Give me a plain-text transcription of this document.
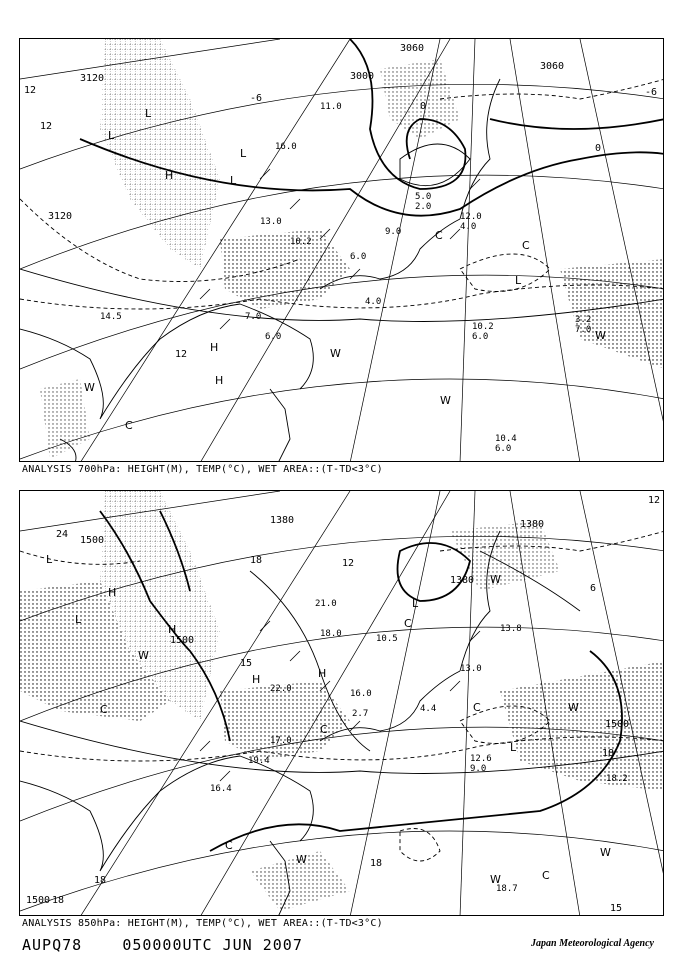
3120
3060
3000
3120
3060
12
12
-6
0
12
0
-6
L
H	L
L
H
H
C
L
C
W
W
C
W
W
L	16.0
11.0
13.0
10.2
6.0
9.0
7.0
6.0
10.4
6.0
3.2
7.0
14.5
12.0
4.0
10.2
6.0
5.0
2.0
4.0
ANALYSIS 700hPa: HEIGHT(M), TEMP(°C), WET AREA::(T-TD<3°C)
1500
1500
1380
1500
1380
1380
1500
24
12
18
15
18
12
18
6
18
18
15
L
H
L
H
W
C
H
C
C
L
H
W
C
W
C
W
W
C	W
L
21.0
18.0
22.0
13.0
16.0
10.5
19.4
17.0
16.4
13.8
2.7
18.7
18.2
12.6
9.0
4.4
ANALYSIS 850hPa: HEIGHT(M), TEMP(°C), WET AREA::(T-TD<3°C)
AUPQ78	050000UTC JUN 2007	Japan Meteorological Agency
